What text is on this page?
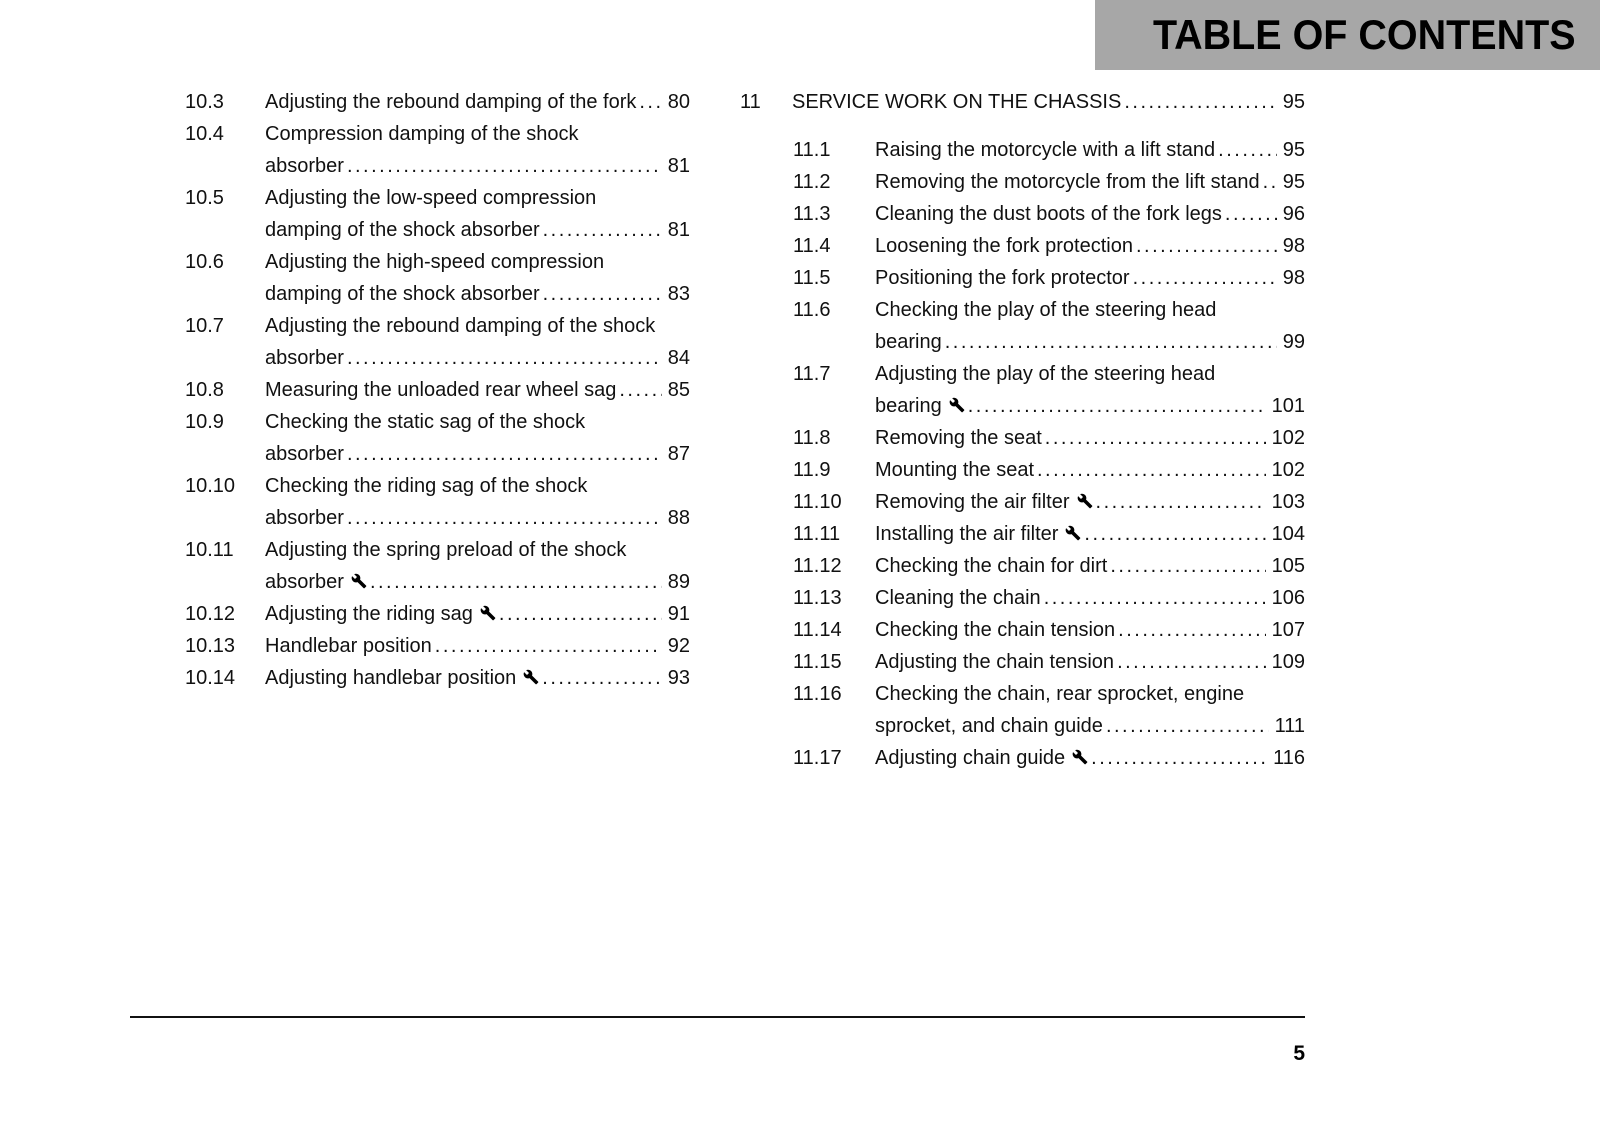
TABLE OF CONTENTS
10.3	Adjusting the rebound damping of the fork .....	80
10.4	Compression damping of the shock absorber .....	81
10.5	Adjusting the low-speed compression damping of the shock absorber .....	81
10.6	Adjusting the high-speed compression damping of the shock absorber .....	83
10.7	Adjusting the rebound damping of the shock absorber .....	84
10.8	Measuring the unloaded rear wheel sag .....	85
10.9	Checking the static sag of the shock absorber .....	87
10.10	Checking the riding sag of the shock absorber .....	88
10.11	Adjusting the spring preload of the shock absorber .....	89
10.12	Adjusting the riding sag .....	91
10.13	Handlebar position .....	92
10.14	Adjusting handlebar position .....	93
11	SERVICE WORK ON THE CHASSIS .....	95
11.1	Raising the motorcycle with a lift stand .....	95
11.2	Removing the motorcycle from the lift stand .....	95
11.3	Cleaning the dust boots of the fork legs .....	96
11.4	Loosening the fork protection .....	98
11.5	Positioning the fork protector .....	98
11.6	Checking the play of the steering head bearing .....	99
11.7	Adjusting the play of the steering head bearing .....	101
11.8	Removing the seat .....	102
11.9	Mounting the seat .....	102
11.10	Removing the air filter .....	103
11.11	Installing the air filter .....	104
11.12	Checking the chain for dirt .....	105
11.13	Cleaning the chain .....	106
11.14	Checking the chain tension .....	107
11.15	Adjusting the chain tension .....	109
11.16	Checking the chain, rear sprocket, engine sprocket, and chain guide .....	111
11.17	Adjusting chain guide .....	116
5
